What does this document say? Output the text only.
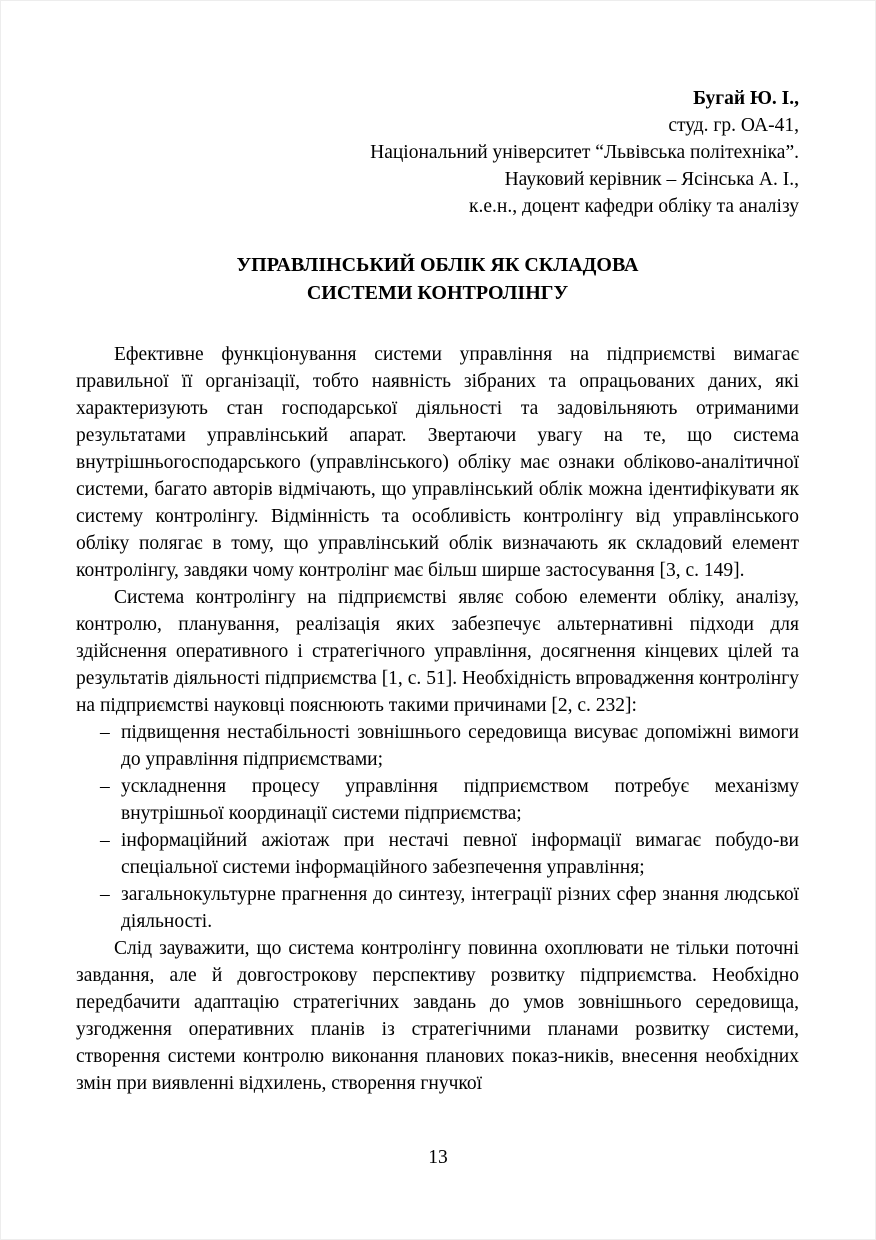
Бугай Ю. І.,
студ. гр. ОА-41,
Національний університет “Львівська політехніка”.
Науковий керівник – Ясінська А. І.,
к.е.н., доцент кафедри обліку та аналізу
УПРАВЛІНСЬКИЙ ОБЛІК ЯК СКЛАДОВА
СИСТЕМИ КОНТРОЛІНГУ

Ефективне функціонування системи управління на підприємстві вимагає правильної її організації, тобто наявність зібраних та опрацьованих даних, які характеризують стан господарської діяльності та задовільняють отриманими результатами управлінський апарат. Звертаючи увагу на те, що система внутрішньогосподарського (управлінського) обліку має ознаки обліково-аналітичної системи, багато авторів відмічають, що управлінський облік можна ідентифікувати як систему контролінгу. Відмінність та особливість контролінгу від управлінського обліку полягає в тому, що управлінський облік визначають як складовий елемент контролінгу, завдяки чому контролінг має більш ширше застосування [3, с. 149].

Система контролінгу на підприємстві являє собою елементи обліку, аналізу, контролю, планування, реалізація яких забезпечує альтернативні підходи для здійснення оперативного і стратегічного управління, досягнення кінцевих цілей та результатів діяльності підприємства [1, с. 51]. Необхідність впровадження контролінгу на підприємстві науковці пояснюють такими причинами [2, с. 232]:

– підвищення нестабільності зовнішнього середовища висуває допоміжні вимоги до управління підприємствами;
– ускладнення процесу управління підприємством потребує механізму внутрішньої координації системи підприємства;
– інформаційний ажіотаж при нестачі певної інформації вимагає побудо-ви спеціальної системи інформаційного забезпечення управління;
– загальнокультурне прагнення до синтезу, інтеграції різних сфер знання людської діяльності.

Слід зауважити, що система контролінгу повинна охоплювати не тільки поточні завдання, але й довгострокову перспективу розвитку підприємства. Необхідно передбачити адаптацію стратегічних завдань до умов зовнішнього середовища, узгодження оперативних планів із стратегічними планами розвитку системи, створення системи контролю виконання планових показ-ників, внесення необхідних змін при виявленні відхилень, створення гнучкої

13
